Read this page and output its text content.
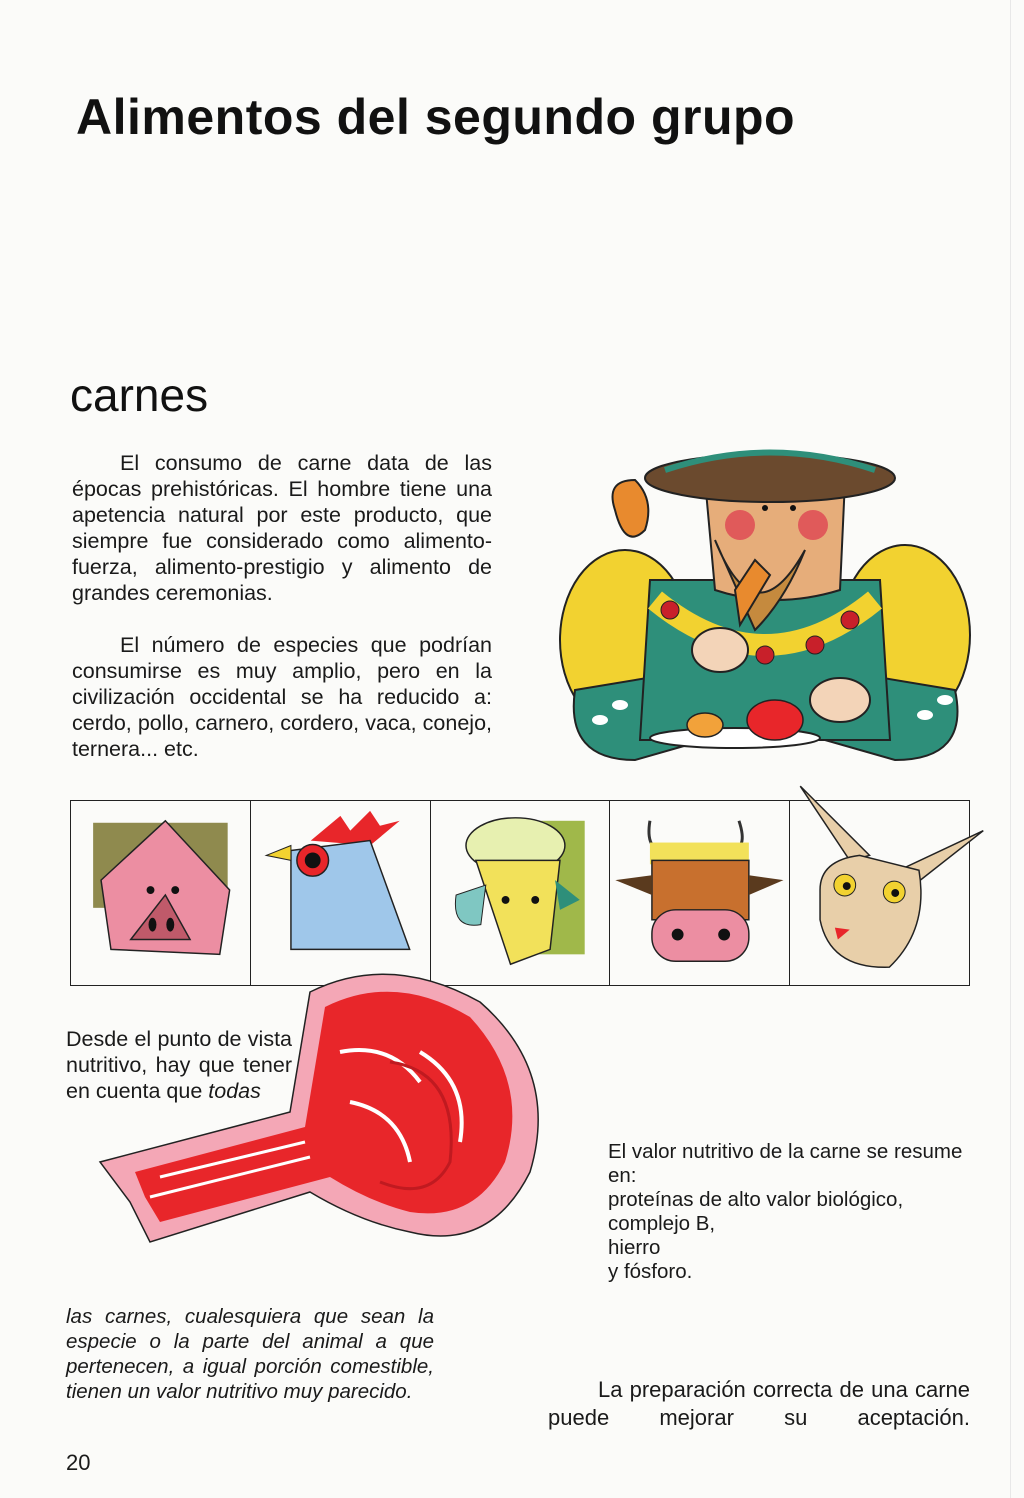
Alimentos del segundo grupo
carnes

El consumo de carne data de las épocas prehistóricas. El hombre tiene una apetencia natural por este producto, que siempre fue considerado como alimento-fuerza, alimento-prestigio y alimento de grandes ceremonias.

El número de especies que podrían consumirse es muy amplio, pero en la civilización occidental se ha reducido a: cerdo, pollo, carnero, cordero, vaca, conejo, ternera... etc.

Desde el punto de vista nutritivo, hay que tener en cuenta que todas

las carnes, cualesquiera que sean la especie o la parte del animal a que pertenecen, a igual porción comestible, tienen un valor nutritivo muy parecido.

El valor nutritivo de la carne se resume en:
proteínas de alto valor biológico,
complejo B,
hierro
y fósforo.

La preparación correcta de una carne puede mejorar su aceptación.

20
